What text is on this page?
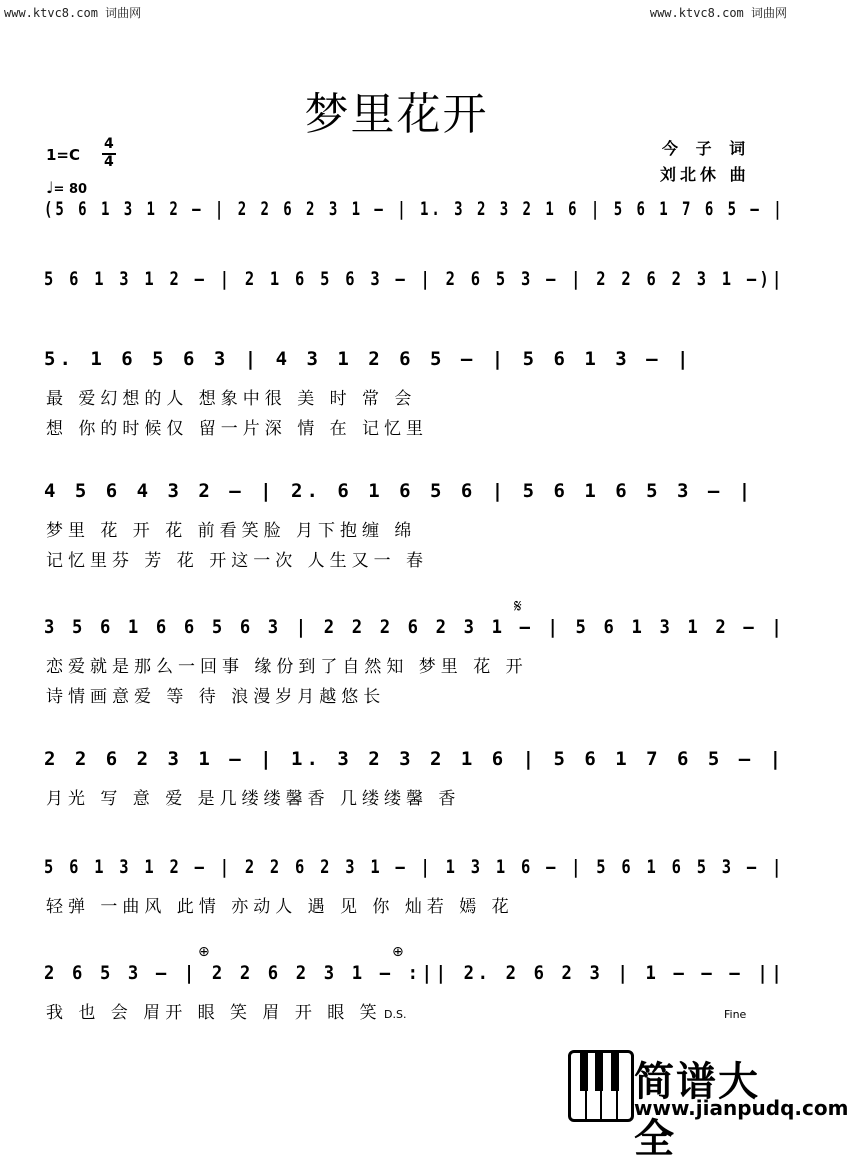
www.ktvc8.com 词曲网	www.ktvc8.com 词曲网
梦里花开
1=C
4
4
♩= 80
今 子 词
刘北休 曲
(5 6 1 3 1 2 – | 2 2 6 2 3 1 – | 1. 3 2 3 2 1 6 | 5 6 1 7 6 5 – |
5 6 1 3 1 2 – | 2 1 6 5 6 3 – | 2 6 5 3 – | 2 2 6 2 3 1 –)|
5. 1 6 5 6 3 | 4 3 1 2 6 5 – | 5 6 1 3 – |
最 爱幻想的人 想象中很 美 时 常 会
想 你的时候仅 留一片深 情 在 记忆里
4 5 6 4 3 2 – | 2. 6 1 6 5 6 | 5 6 1 6 5 3 – |
梦里 花 开 花 前看笑脸 月下抱缠 绵
记忆里芬 芳 花 开这一次 人生又一 春
3 5 6 1 6 6 5 6 3 | 2 2 2 6 2 3 1 – | 5 6 1 3 1 2 – |
恋爱就是那么一回事 缘份到了自然知 梦里 花 开
诗情画意爱 等 待 浪漫岁月越悠长
2 2 6 2 3 1 – | 1. 3 2 3 2 1 6 | 5 6 1 7 6 5 – |
月光 写 意 爱 是几缕缕馨香 几缕缕馨 香
5 6 1 3 1 2 – | 2 2 6 2 3 1 – | 1 3 1 6 – | 5 6 1 6 5 3 – |
轻弹 一曲风 此情 亦动人 遇 见 你 灿若 嫣 花
2 6 5 3 – | 2 2 6 2 3 1 – :|| 2. 2 6 2 3 | 1 – – – ||
我 也 会 眉开 眼 笑 眉 开 眼 笑
𝄋
⊕	⊕
D.S.	Fine
简谱大全
www.jianpudq.com
